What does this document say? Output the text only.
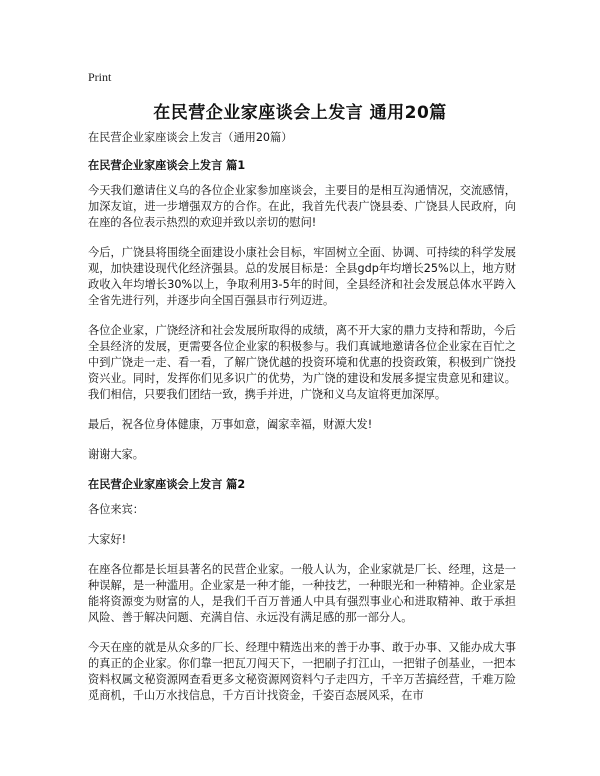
Print
在民营企业家座谈会上发言 通用20篇
在民营企业家座谈会上发言（通用20篇）
在民营企业家座谈会上发言 篇1

今天我们邀请住义乌的各位企业家参加座谈会，主要目的是相互沟通情况，交流感情，加深友谊，进一步增强双方的合作。在此，我首先代表广饶县委、广饶县人民政府，向在座的各位表示热烈的欢迎并致以亲切的慰问!

今后，广饶县将围绕全面建设小康社会目标，牢固树立全面、协调、可持续的科学发展观，加快建设现代化经济强县。总的发展目标是：全县gdp年均增长25%以上，地方财政收入年均增长30%以上，争取利用3-5年的时间，全县经济和社会发展总体水平跨入全省先进行列，并逐步向全国百强县市行列迈进。

各位企业家，广饶经济和社会发展所取得的成绩，离不开大家的鼎力支持和帮助，今后全县经济的发展，更需要各位企业家的积极参与。我们真诚地邀请各位企业家在百忙之中到广饶走一走、看一看，了解广饶优越的投资环境和优惠的投资政策，积极到广饶投资兴业。同时，发挥你们见多识广的优势，为广饶的建设和发展多提宝贵意见和建议。我们相信，只要我们团结一致，携手并进，广饶和义乌友谊将更加深厚。

最后，祝各位身体健康，万事如意，阖家幸福，财源大发!

谢谢大家。

在民营企业家座谈会上发言 篇2

各位来宾：

大家好!

在座各位都是长垣县著名的民营企业家。一般人认为，企业家就是厂长、经理，这是一种误解，是一种滥用。企业家是一种才能，一种技艺，一种眼光和一种精神。企业家是能将资源变为财富的人，是我们千百万普通人中具有强烈事业心和进取精神、敢于承担风险、善于解决问题、充满自信、永远没有满足感的那一部分人。

今天在座的就是从众多的厂长、经理中精选出来的善于办事、敢于办事、又能办成大事的真正的企业家。你们靠一把瓦刀闯天下，一把刷子打江山，一把钳子创基业，一把本资料权属文秘资源网查看更多文秘资源网资料勺子走四方，千辛万苦搞经营，千难万险觅商机，千山万水找信息，千方百计找资金，千姿百态展风采，在市
